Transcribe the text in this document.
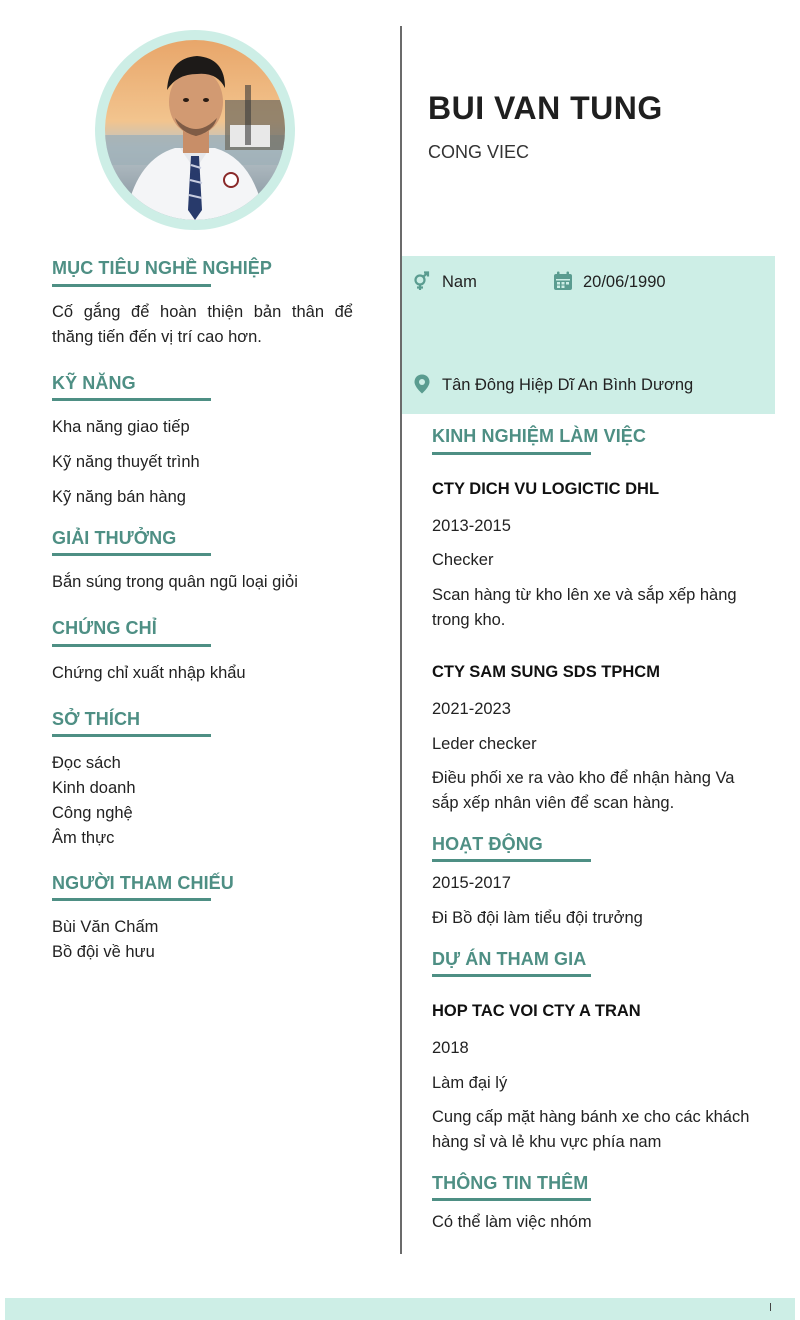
MỤC TIÊU NGHỀ NGHIỆP
Cố gắng để hoàn thiện bản thân để thăng tiến đến vị trí cao hơn.
KỸ NĂNG
Kha năng giao tiếp
Kỹ năng thuyết trình
Kỹ năng bán hàng
GIẢI THƯỞNG
Bắn súng trong quân ngũ loại giỏi
CHỨNG CHỈ
Chứng chỉ xuất nhập khẩu
SỞ THÍCH
Đọc sách
Kinh doanh
Công nghệ
Âm thực
NGƯỜI THAM CHIẾU
Bùi Văn Chấm
Bồ đội về hưu
BUI VAN TUNG
CONG VIEC
Nam	20/06/1990
Tân Đông Hiệp Dĩ An Bình Dương
KINH NGHIỆM LÀM VIỆC
CTY DICH VU LOGICTIC DHL
2013-2015
Checker
Scan hàng từ kho lên xe và sắp xếp hàng trong kho.
CTY SAM SUNG SDS TPHCM
2021-2023
Leder checker
Điều phối xe ra vào kho để nhận hàng Va sắp xếp nhân viên để scan hàng.
HOẠT ĐỘNG
2015-2017
Đi Bồ đội làm tiểu đội trưởng
DỰ ÁN THAM GIA
HOP TAC VOI CTY A TRAN
2018
Làm đại lý
Cung cấp mặt hàng bánh xe cho các khách hàng sỉ và lẻ khu vực phía nam
THÔNG TIN THÊM
Có thể làm việc nhóm
